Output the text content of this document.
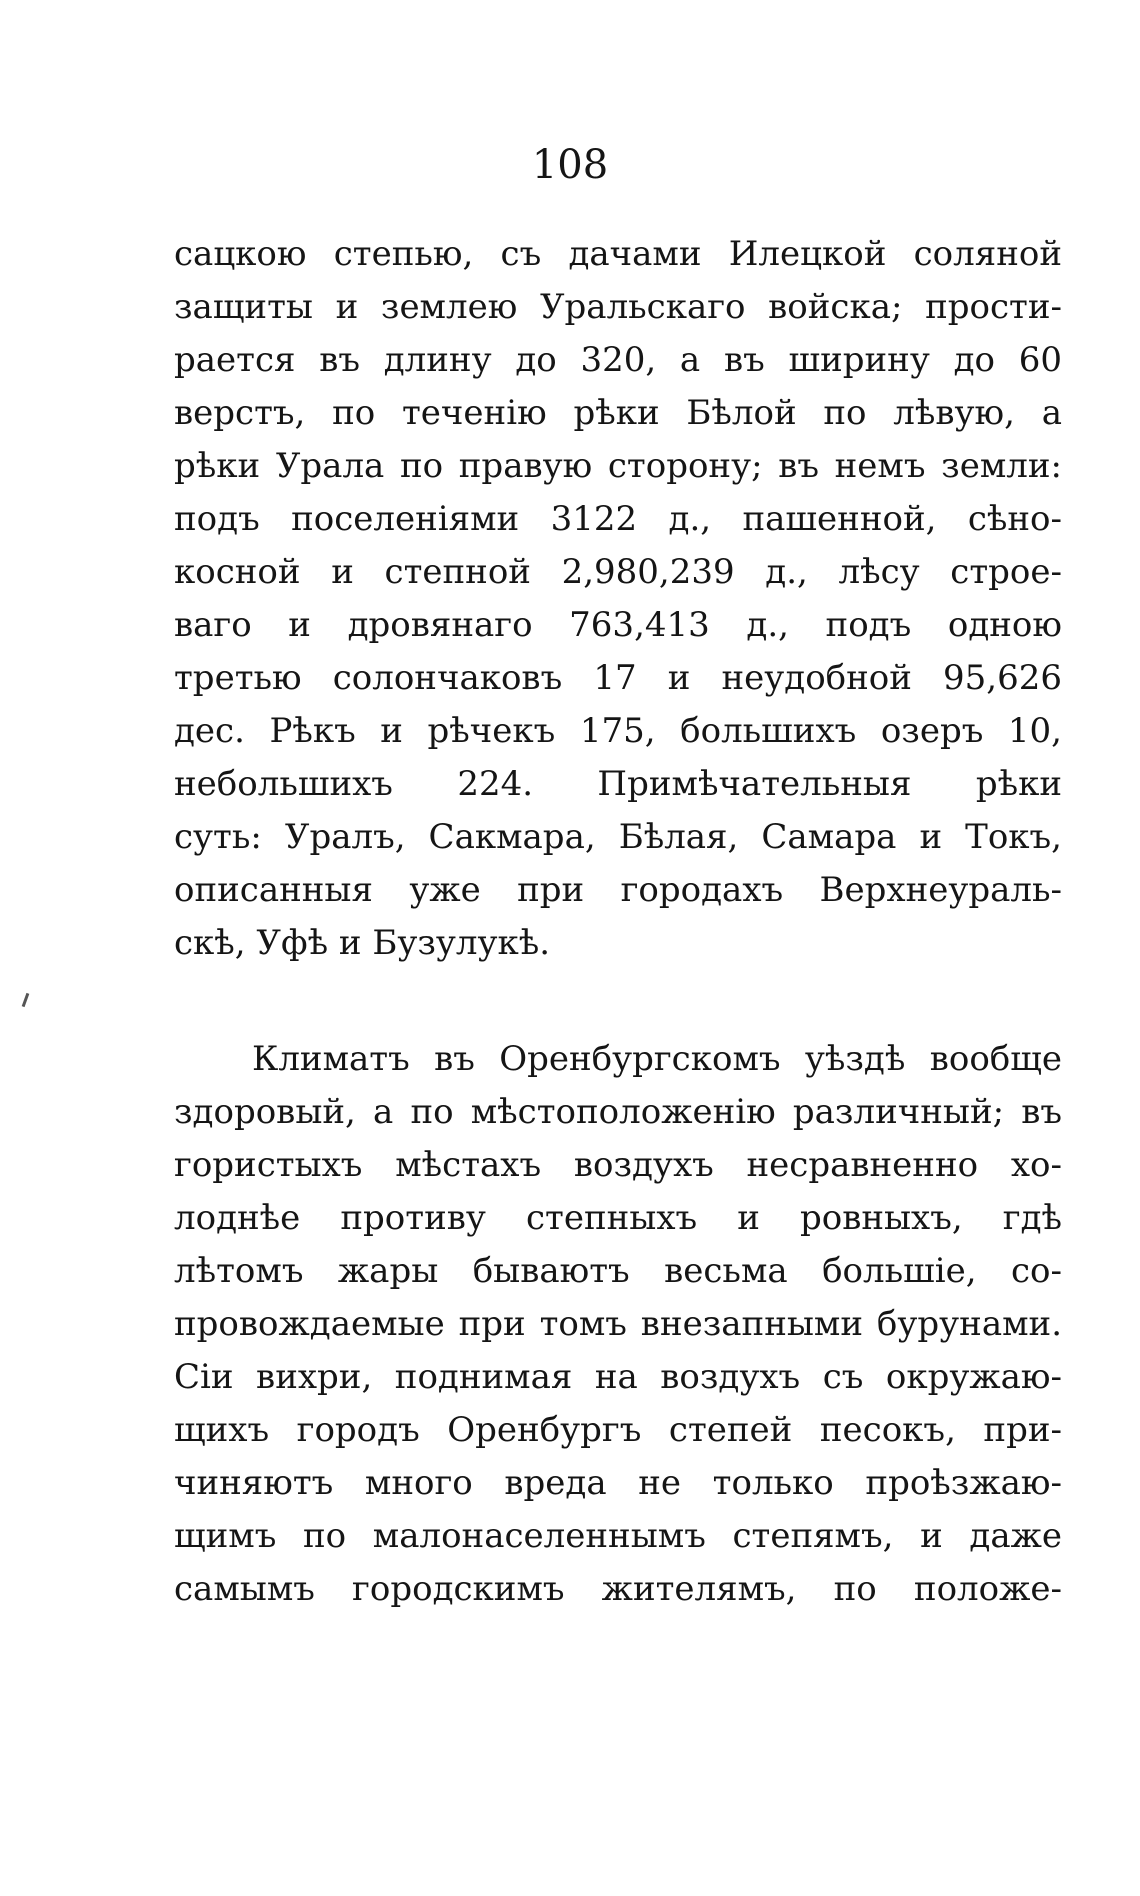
108
сацкою степью, съ дачами Илецкой соляной
защиты и землею Уральскаго войска; прости-
рается въ длину до 320, а въ ширину до 60
верстъ, по теченію рѣки Бѣлой по лѣвую, а
рѣки Урала по правую сторону; въ немъ земли:
подъ поселеніями 3122 д., пашенной, сѣно-
косной и степной 2,980,239 д., лѣсу строе-
ваго и дровянаго 763,413 д., подъ одною
третью солончаковъ 17 и неудобной 95,626
дес. Рѣкъ и рѣчекъ 175, большихъ озеръ 10,
небольшихъ 224. Примѣчательныя рѣки
суть: Уралъ, Сакмара, Бѣлая, Самара и Токъ,
описанныя уже при городахъ Верхнеураль-
скѣ, Уфѣ и Бузулукѣ.
Климатъ въ Оренбургскомъ уѣздѣ вообще
здоровый, а по мѣстоположенію различный; въ
гористыхъ мѣстахъ воздухъ несравненно хо-
лоднѣе противу степныхъ и ровныхъ, гдѣ
лѣтомъ жары бываютъ весьма большіе, со-
провождаемые при томъ внезапными бурунами.
Сіи вихри, поднимая на воздухъ съ окружаю-
щихъ городъ Оренбургъ степей песокъ, при-
чиняютъ много вреда не только проѣзжаю-
щимъ по малонаселеннымъ степямъ, и даже
самымъ городскимъ жителямъ, по положе-
